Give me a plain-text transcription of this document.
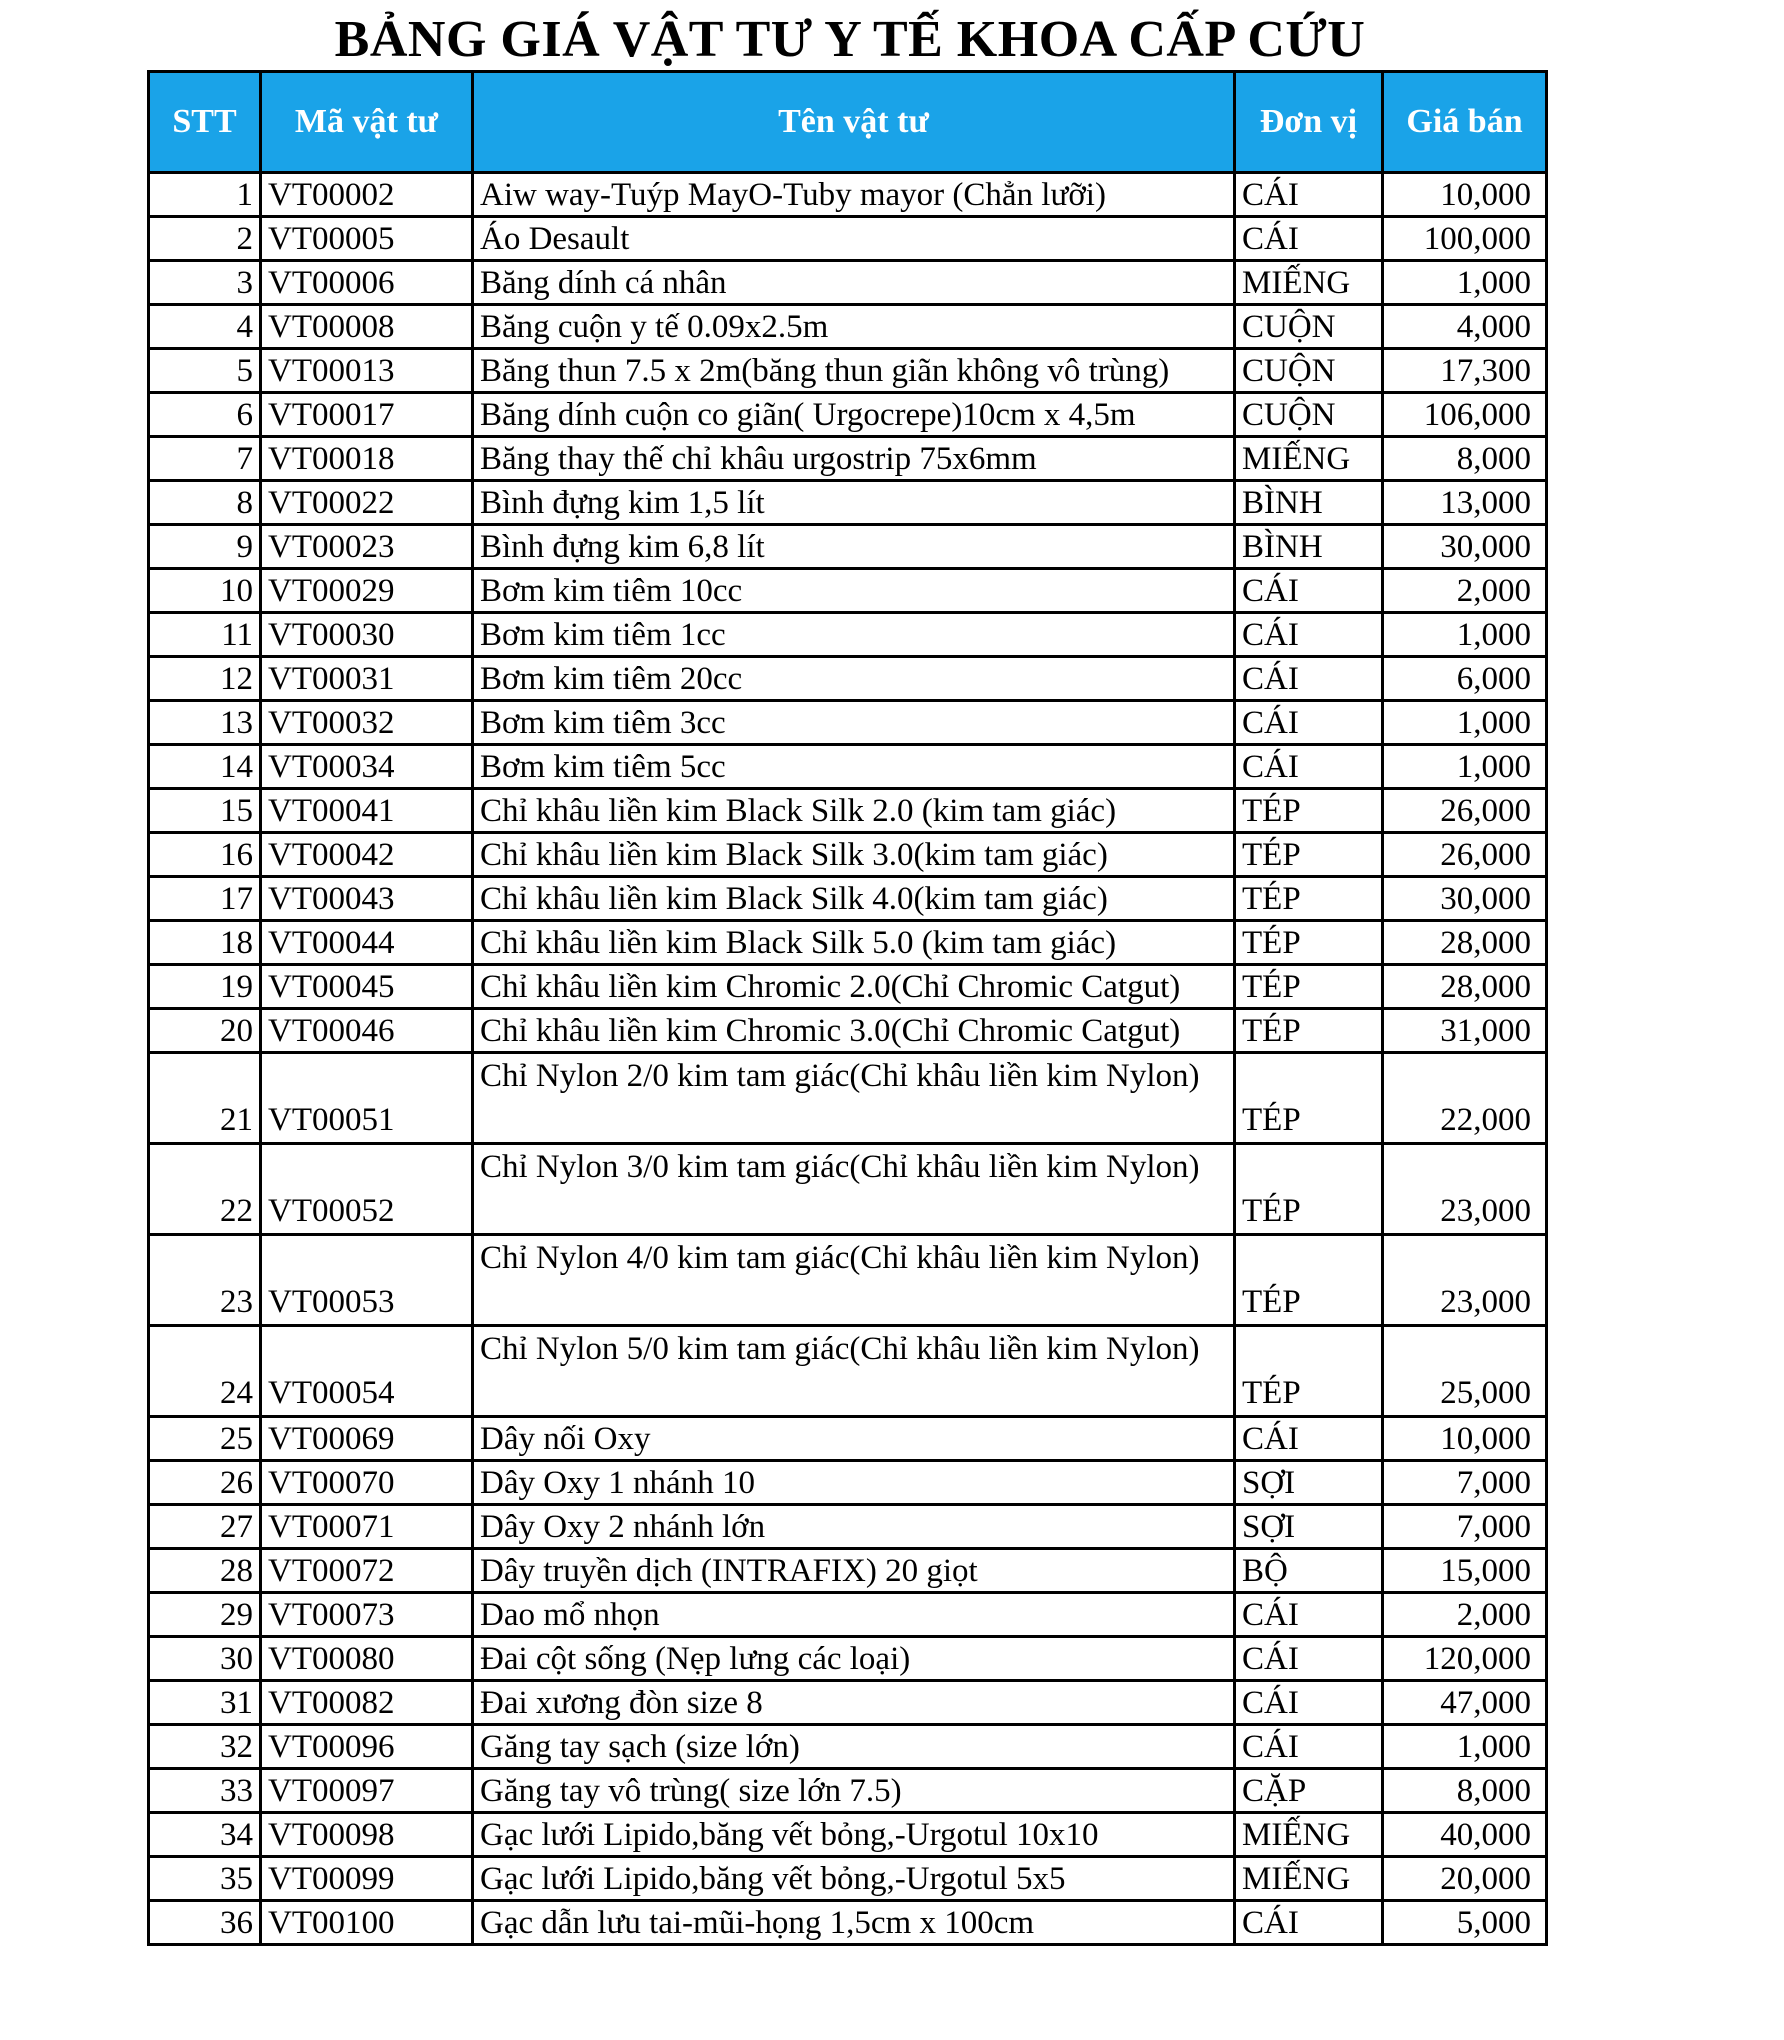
BẢNG GIÁ VẬT TƯ Y TẾ KHOA CẤP CỨU
STT	Mã vật tư	Tên vật tư	Đơn vị	Giá bán
1	VT00002	Aiw way-Tuýp MayO-Tuby mayor (Chẳn lưỡi)	CÁI	10,000
2	VT00005	Áo Desault	CÁI	100,000
3	VT00006	Băng dính cá nhân	MIẾNG	1,000
4	VT00008	Băng cuộn y tế 0.09x2.5m	CUỘN	4,000
5	VT00013	Băng thun 7.5 x 2m(băng thun giãn không vô trùng)	CUỘN	17,300
6	VT00017	Băng dính cuộn co giãn( Urgocrepe)10cm x 4,5m	CUỘN	106,000
7	VT00018	Băng thay thế chỉ khâu urgostrip 75x6mm	MIẾNG	8,000
8	VT00022	Bình đựng kim 1,5 lít	BÌNH	13,000
9	VT00023	Bình đựng kim 6,8 lít	BÌNH	30,000
10	VT00029	Bơm kim tiêm 10cc	CÁI	2,000
11	VT00030	Bơm kim tiêm 1cc	CÁI	1,000
12	VT00031	Bơm kim tiêm 20cc	CÁI	6,000
13	VT00032	Bơm kim tiêm 3cc	CÁI	1,000
14	VT00034	Bơm kim tiêm 5cc	CÁI	1,000
15	VT00041	Chỉ khâu liền kim Black Silk 2.0 (kim tam giác)	TÉP	26,000
16	VT00042	Chỉ khâu liền kim Black Silk 3.0(kim tam giác)	TÉP	26,000
17	VT00043	Chỉ khâu liền kim Black Silk 4.0(kim tam giác)	TÉP	30,000
18	VT00044	Chỉ khâu liền kim Black Silk 5.0 (kim tam giác)	TÉP	28,000
19	VT00045	Chỉ khâu liền kim Chromic 2.0(Chỉ Chromic Catgut)	TÉP	28,000
20	VT00046	Chỉ khâu liền kim Chromic 3.0(Chỉ Chromic Catgut)	TÉP	31,000
21	VT00051	Chỉ Nylon 2/0 kim tam giác(Chỉ khâu liền kim Nylon)	TÉP	22,000
22	VT00052	Chỉ Nylon 3/0 kim tam giác(Chỉ khâu liền kim Nylon)	TÉP	23,000
23	VT00053	Chỉ Nylon 4/0 kim tam giác(Chỉ khâu liền kim Nylon)	TÉP	23,000
24	VT00054	Chỉ Nylon 5/0 kim tam giác(Chỉ khâu liền kim Nylon)	TÉP	25,000
25	VT00069	Dây nối Oxy	CÁI	10,000
26	VT00070	Dây Oxy 1 nhánh 10	SỢI	7,000
27	VT00071	Dây Oxy 2 nhánh lớn	SỢI	7,000
28	VT00072	Dây truyền dịch (INTRAFIX) 20 giọt	BỘ	15,000
29	VT00073	Dao mổ nhọn	CÁI	2,000
30	VT00080	Đai cột sống (Nẹp lưng các loại)	CÁI	120,000
31	VT00082	Đai xương đòn size 8	CÁI	47,000
32	VT00096	Găng tay sạch (size lớn)	CÁI	1,000
33	VT00097	Găng tay vô trùng( size lớn 7.5)	CẶP	8,000
34	VT00098	Gạc lưới Lipido,băng vết bỏng,-Urgotul 10x10	MIẾNG	40,000
35	VT00099	Gạc lưới Lipido,băng vết bỏng,-Urgotul 5x5	MIẾNG	20,000
36	VT00100	Gạc dẫn lưu tai-mũi-họng 1,5cm x 100cm	CÁI	5,000
